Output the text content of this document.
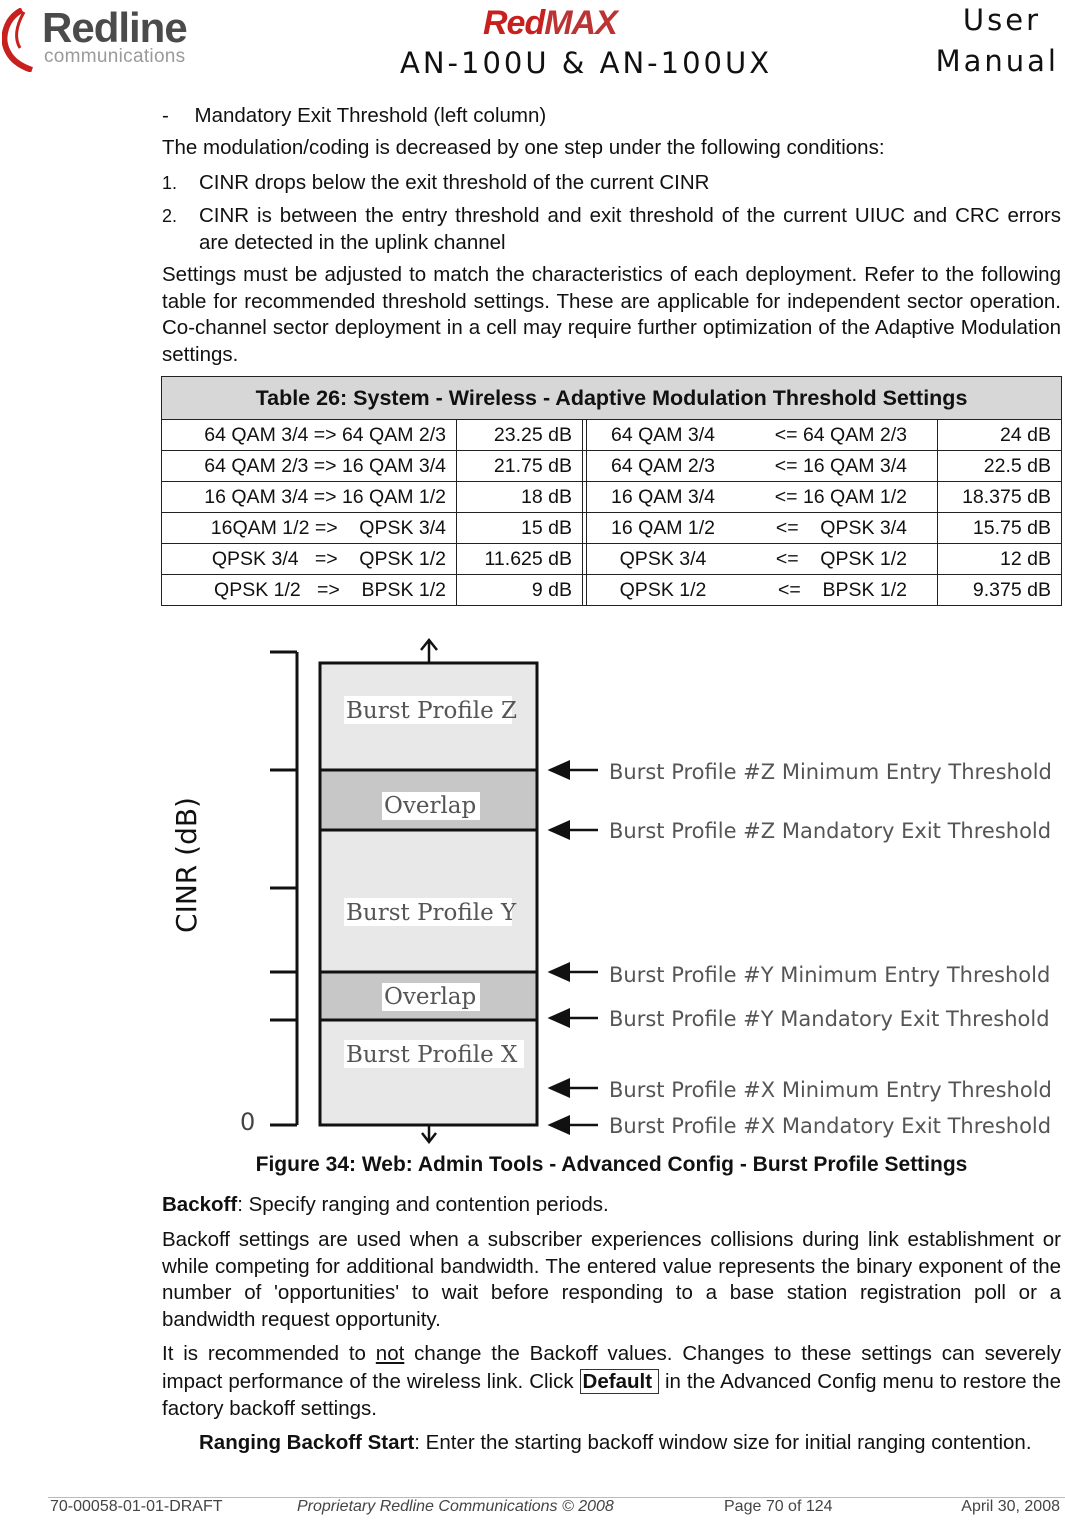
Redline
communications
RedMAX
AN-100U & AN-100UX
User
Manual
- Mandatory Exit Threshold (left column)
The modulation/coding is decreased by one step under the following conditions:
1. CINR drops below the exit threshold of the current CINR
2. CINR is between the entry threshold and exit threshold of the current UIUC and CRC errors are detected in the uplink channel
Settings must be adjusted to match the characteristics of each deployment. Refer to the following table for recommended threshold settings. These are applicable for independent sector operation. Co-channel sector deployment in a cell may require further optimization of the Adaptive Modulation settings.
Table 26: System - Wireless - Adaptive Modulation Threshold Settings				
64 QAM 3/4 => 64 QAM 2/3	23.25 dB		64 QAM 3/4 <= 64 QAM 2/3	24 dB
64 QAM 2/3 => 16 QAM 3/4	21.75 dB		64 QAM 2/3 <= 16 QAM 3/4	22.5 dB
16 QAM 3/4 => 16 QAM 1/2	18 dB		16 QAM 3/4 <= 16 QAM 1/2	18.375 dB
16QAM 1/2 =>    QPSK 3/4	15 dB		16 QAM 1/2 <=    QPSK 3/4	15.75 dB
QPSK 3/4   =>    QPSK 1/2	11.625 dB		QPSK 3/4 <=    QPSK 1/2	12 dB
QPSK 1/2   =>    BPSK 1/2	9 dB		QPSK 1/2 <=    BPSK 1/2	9.375 dB
CINR (dB)
0
Burst Profile Z
Overlap
Burst Profile Y
Overlap
Burst Profile X
Burst Profile #Z Minimum Entry Threshold
Burst Profile #Z Mandatory Exit Threshold
Burst Profile #Y Minimum Entry Threshold
Burst Profile #Y Mandatory Exit Threshold
Burst Profile #X Minimum Entry Threshold
Burst Profile #X Mandatory Exit Threshold
Figure 34: Web: Admin Tools - Advanced Config - Burst Profile Settings
Backoff: Specify ranging and contention periods.
Backoff settings are used when a subscriber experiences collisions during link establishment or while competing for additional bandwidth. The entered value represents the binary exponent of the number of 'opportunities' to wait before responding to a base station registration poll or a bandwidth request opportunity.
It is recommended to not change the Backoff values. Changes to these settings can severely impact performance of the wireless link. Click Default in the Advanced Config menu to restore the factory backoff settings.
Ranging Backoff Start: Enter the starting backoff window size for initial ranging contention.
70-00058-01-01-DRAFT	Proprietary Redline Communications © 2008	Page 70 of 124	April 30, 2008
